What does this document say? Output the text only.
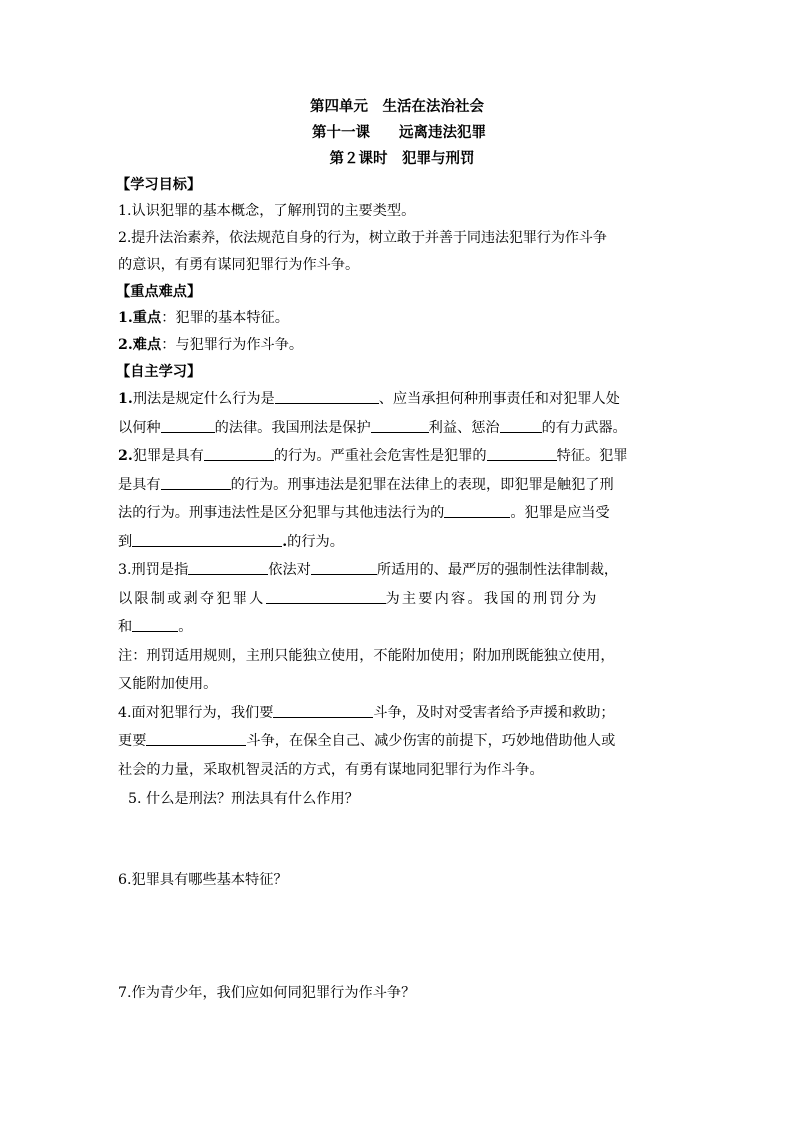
第四单元　生活在法治社会
第十一课　　远离违法犯罪
第２课时　犯罪与刑罚
【学习目标】
1.认识犯罪的基本概念，了解刑罚的主要类型。
2.提升法治素养，依法规范自身的行为，树立敢于并善于同违法犯罪行为作斗争
的意识，有勇有谋同犯罪行为作斗争。
【重点难点】
1.重点：犯罪的基本特征。
2.难点：与犯罪行为作斗争。
【自主学习】
1.刑法是规定什么行为是	、应当承担何种刑事责任和对犯罪人处
以何种	的法律。我国刑法是保护	利益、惩治	的有力武器。
2.犯罪是具有	的行为。严重社会危害性是犯罪的	特征。犯罪
是具有	的行为。刑事违法是犯罪在法律上的表现，即犯罪是触犯了刑
法的行为。刑事违法性是区分犯罪与其他违法行为的	。犯罪是应当受
到	.的行为。
3.刑罚是指	依法对	所适用的、最严厉的强制性法律制裁，
以限制或剥夺犯罪人	为主要内容。我国的刑罚分为
和	。
注：刑罚适用规则，主刑只能独立使用，不能附加使用；附加刑既能独立使用，
又能附加使用。
4.面对犯罪行为，我们要	斗争，及时对受害者给予声援和救助；
更要	斗争，在保全自己、减少伤害的前提下，巧妙地借助他人或
社会的力量，采取机智灵活的方式，有勇有谋地同犯罪行为作斗争。
5. 什么是刑法？刑法具有什么作用？
6.犯罪具有哪些基本特征？
7.作为青少年，我们应如何同犯罪行为作斗争？
